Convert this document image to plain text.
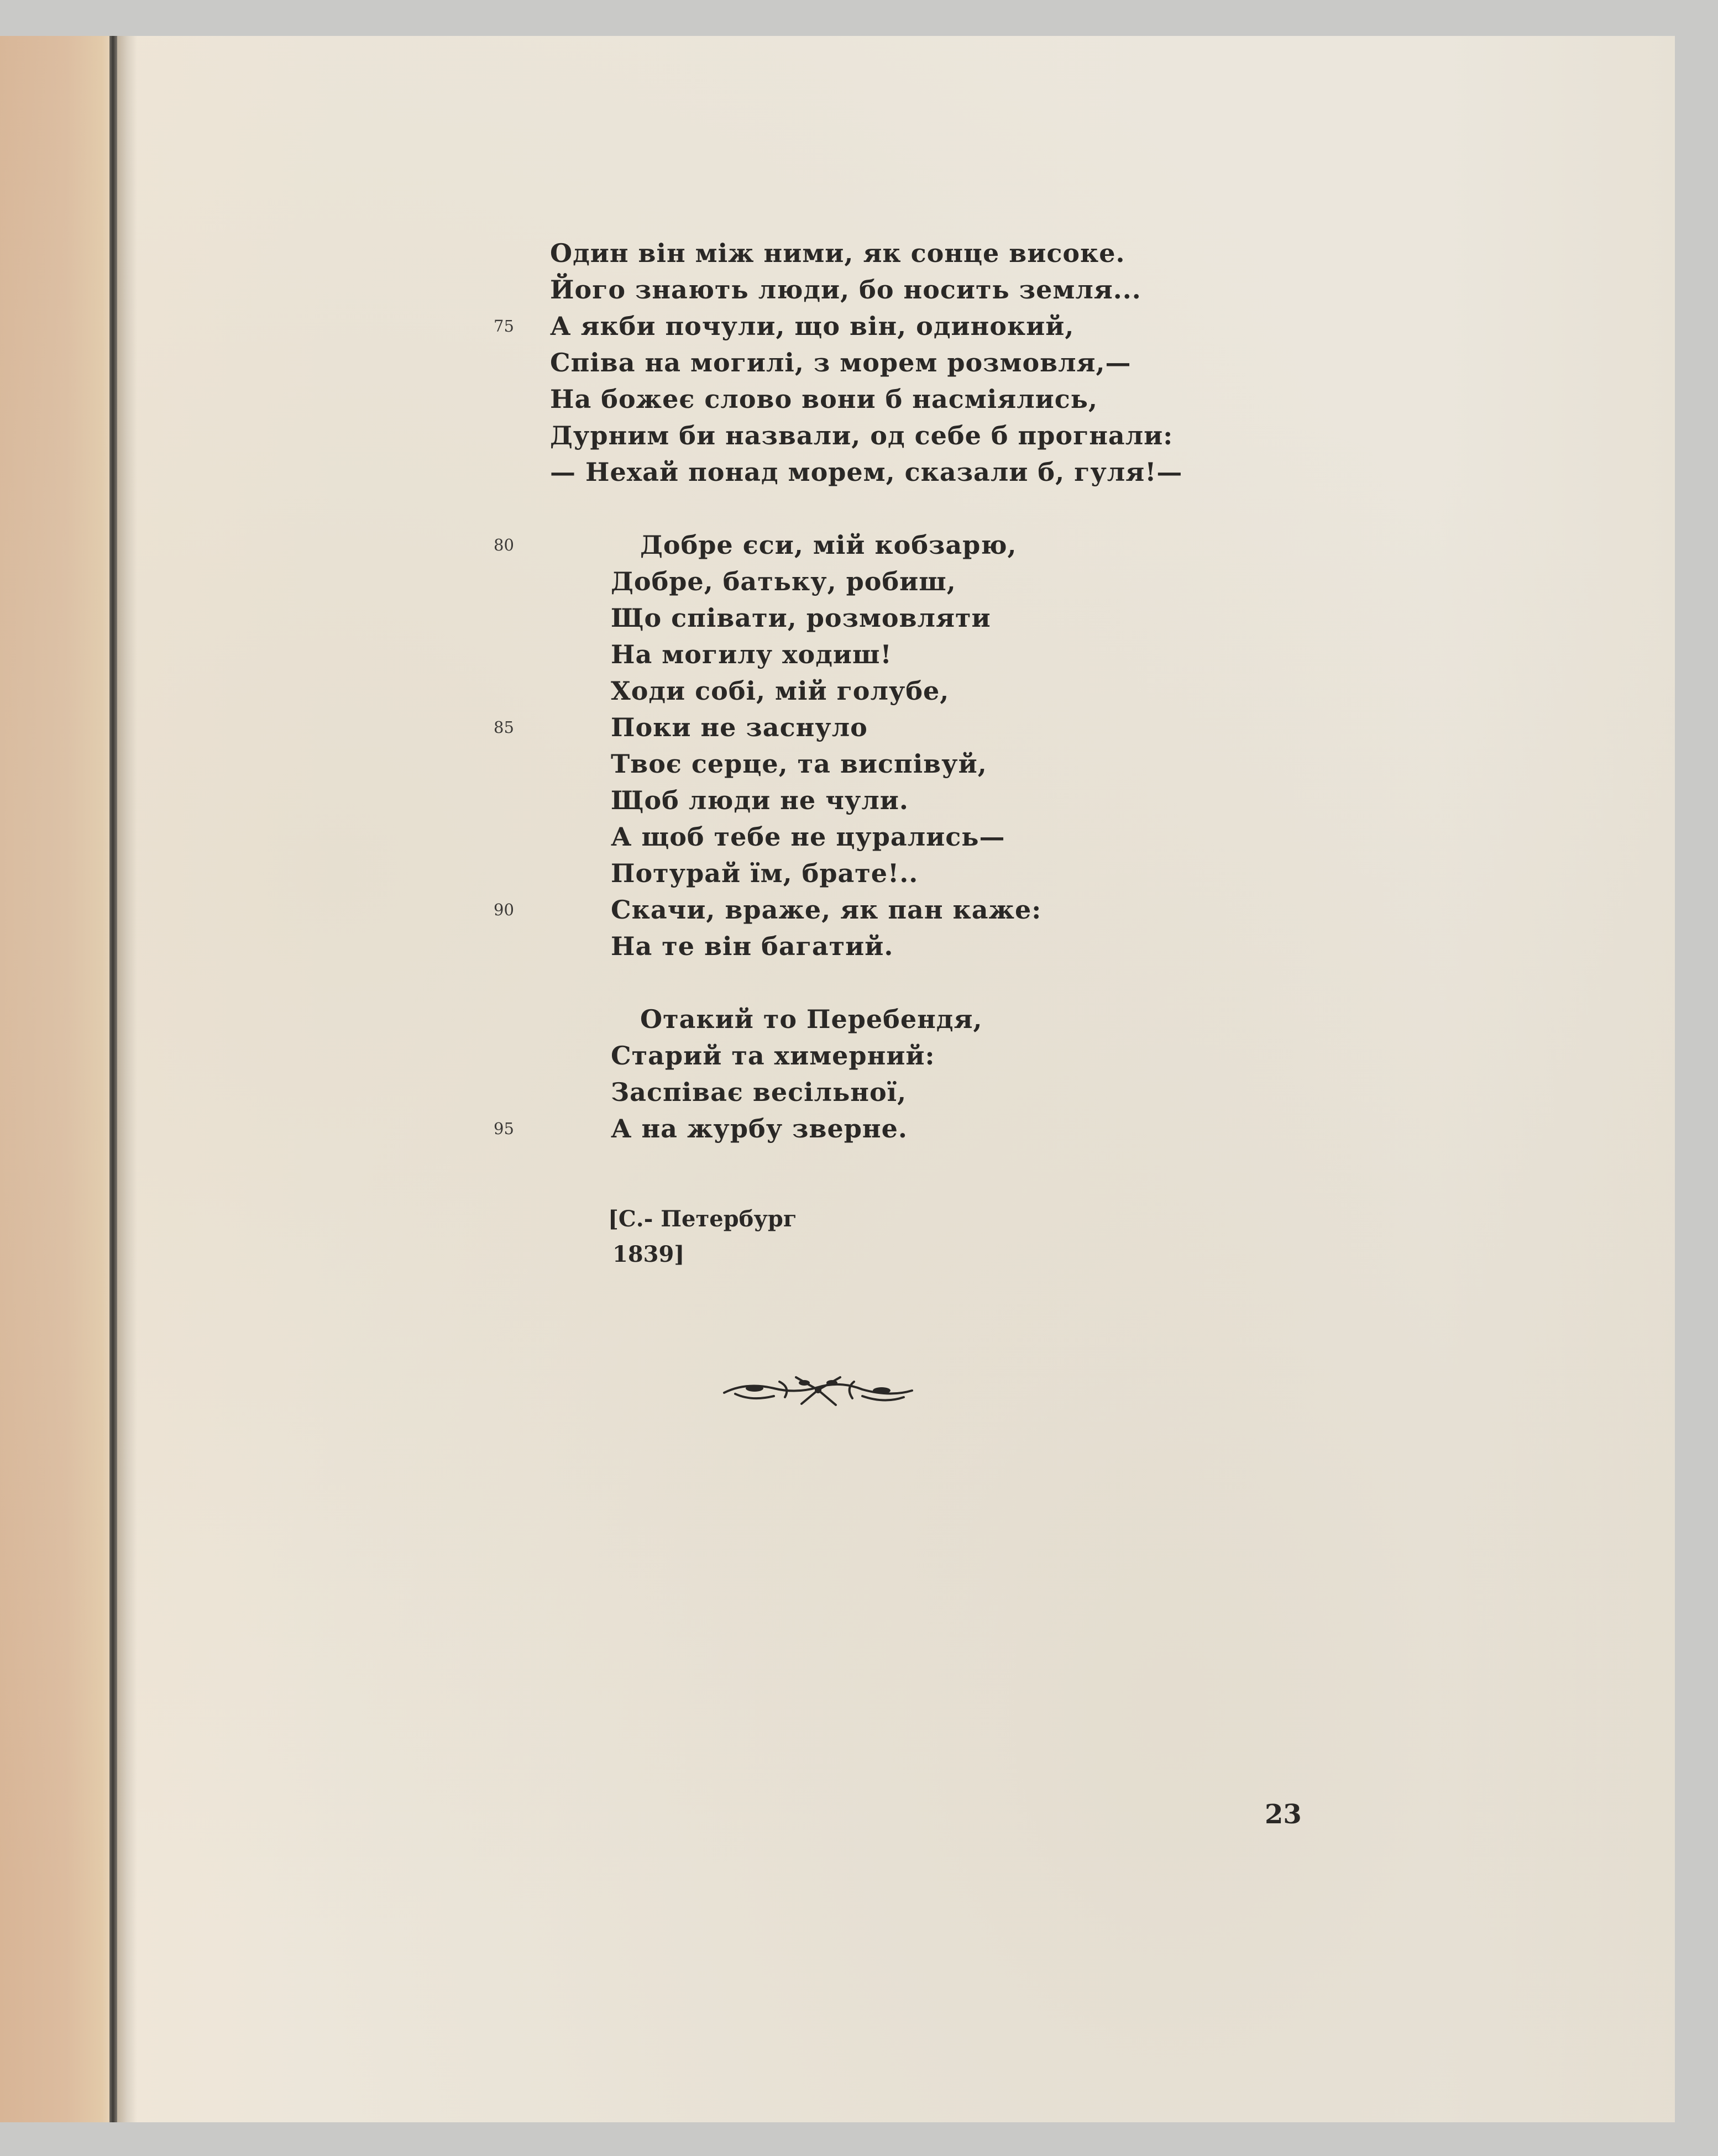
Один він між ними, як сонце високе.
Його знають люди, бо носить земля...
75 А якби почули, що він, одинокий,
Співа на могилі, з морем розмовля,—
На божеє слово вони б насміялись,
Дурним би назвали, од себе б прогнали:
— Нехай понад морем, сказали б, гуля!—
80	Добре єси, мій кобзарю,
Добре, батьку, робиш,
Що співати, розмовляти
На могилу ходиш!
Ходи собі, мій голубе,
85	Поки не заснуло
Твоє серце, та виспівуй,
Щоб люди не чули.
А щоб тебе не цурались—
Потурай їм, брате!..
90	Скачи, враже, як пан каже:
На те він багатий.
Отакий то Перебендя,
Старий та химерний:
Заспіває весільної,
95	А на журбу зверне.
[С.- Петербург
1839]
23
